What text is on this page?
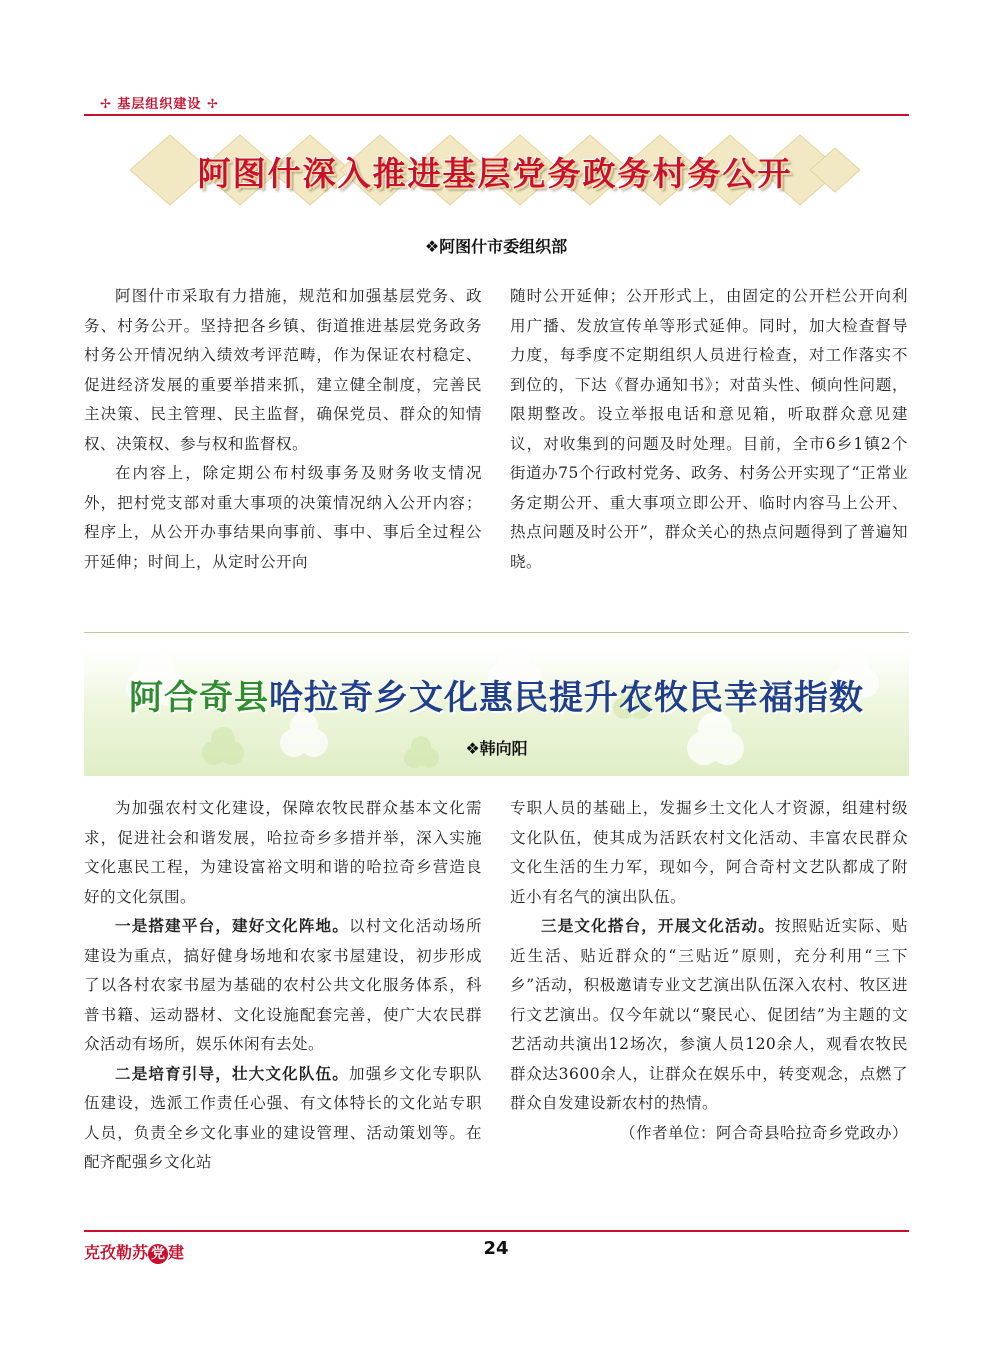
✢ 基层组织建设 ✢
阿图什深入推进基层党务政务村务公开
❖阿图什市委组织部

阿图什市采取有力措施，规范和加强基层党务、政务、村务公开。坚持把各乡镇、街道推进基层党务政务村务公开情况纳入绩效考评范畴，作为保证农村稳定、促进经济发展的重要举措来抓，建立健全制度，完善民主决策、民主管理、民主监督，确保党员、群众的知情权、决策权、参与权和监督权。

在内容上，除定期公布村级事务及财务收支情况外，把村党支部对重大事项的决策情况纳入公开内容；程序上，从公开办事结果向事前、事中、事后全过程公开延伸；时间上，从定时公开向

随时公开延伸；公开形式上，由固定的公开栏公开向利用广播、发放宣传单等形式延伸。同时，加大检查督导力度，每季度不定期组织人员进行检查，对工作落实不到位的，下达《督办通知书》；对苗头性、倾向性问题，限期整改。设立举报电话和意见箱，听取群众意见建议，对收集到的问题及时处理。目前，全市6乡1镇2个街道办75个行政村党务、政务、村务公开实现了“正常业务定期公开、重大事项立即公开、临时内容马上公开、热点问题及时公开”，群众关心的热点问题得到了普遍知晓。

阿合奇县哈拉奇乡文化惠民提升农牧民幸福指数
❖韩向阳

为加强农村文化建设，保障农牧民群众基本文化需求，促进社会和谐发展，哈拉奇乡多措并举，深入实施文化惠民工程，为建设富裕文明和谐的哈拉奇乡营造良好的文化氛围。

一是搭建平台，建好文化阵地。以村文化活动场所建设为重点，搞好健身场地和农家书屋建设，初步形成了以各村农家书屋为基础的农村公共文化服务体系，科普书籍、运动器材、文化设施配套完善，使广大农民群众活动有场所，娱乐休闲有去处。

二是培育引导，壮大文化队伍。加强乡文化专职队伍建设，选派工作责任心强、有文体特长的文化站专职人员，负责全乡文化事业的建设管理、活动策划等。在配齐配强乡文化站

专职人员的基础上，发掘乡土文化人才资源，组建村级文化队伍，使其成为活跃农村文化活动、丰富农民群众文化生活的生力军，现如今，阿合奇村文艺队都成了附近小有名气的演出队伍。

三是文化搭台，开展文化活动。按照贴近实际、贴近生活、贴近群众的“三贴近”原则，充分利用“三下乡”活动，积极邀请专业文艺演出队伍深入农村、牧区进行文艺演出。仅今年就以“聚民心、促团结”为主题的文艺活动共演出12场次，参演人员120余人，观看农牧民群众达3600余人，让群众在娱乐中，转变观念，点燃了群众自发建设新农村的热情。

（作者单位：阿合奇县哈拉奇乡党政办）

克孜勒苏 党 建	24
